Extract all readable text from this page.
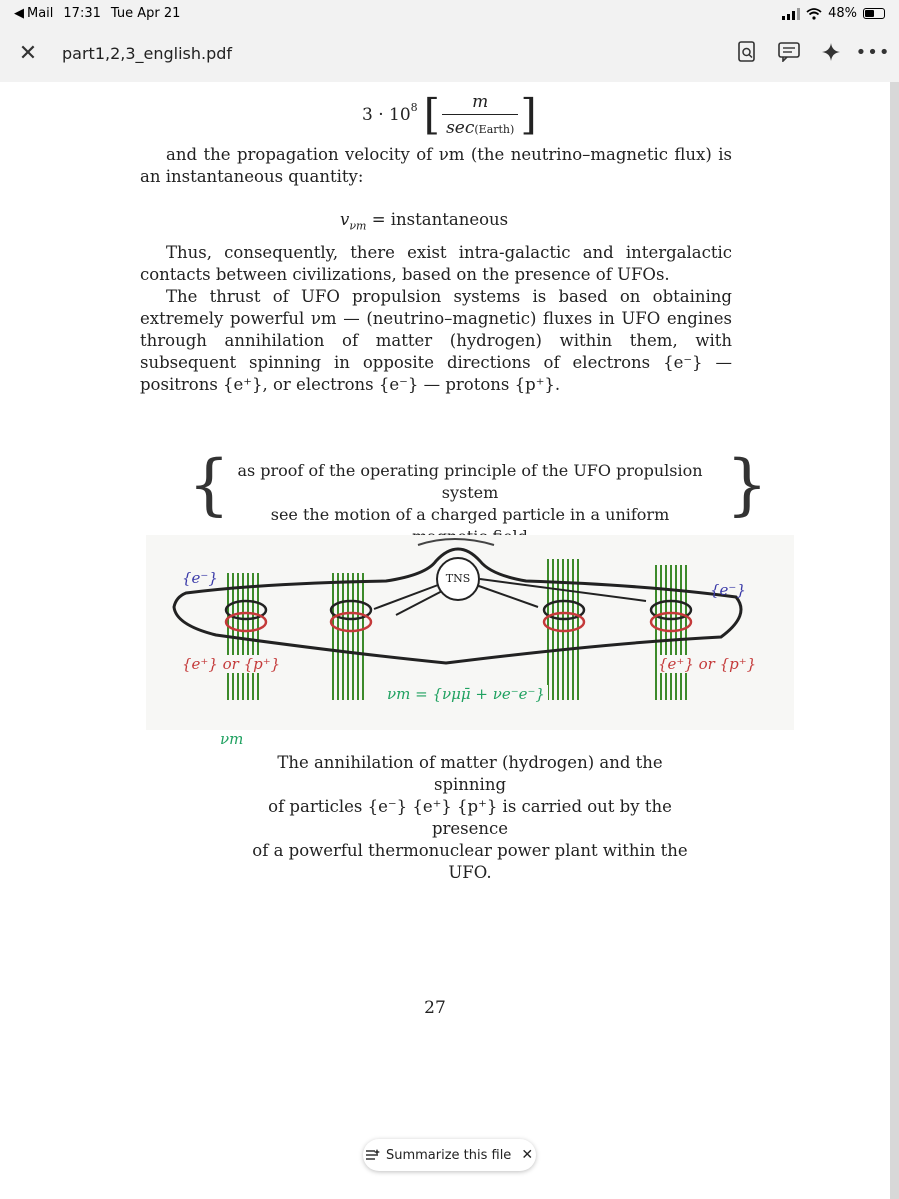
◀ Mail 17:31 Tue Apr 21	48%
✕ part1,2,3_english.pdf	•••
$3 \cdot 10^8$ [ m
sec(Earth) ]
and the propagation velocity of νm (the neutrino–magnetic flux) is an instantaneous quantity:
$v_{\nu m}$ = instantaneous
Thus, consequently, there exist intra-galactic and intergalactic contacts between civilizations, based on the presence of UFOs.
The thrust of UFO propulsion systems is based on obtaining extremely powerful νm — (neutrino–magnetic) fluxes in UFO engines through annihilation of matter (hydrogen) within them, with subsequent spinning in opposite directions of electrons {e⁻} — positrons {e⁺}, or electrons {e⁻} — protons {p⁺}.
{	}
as proof of the operating principle of the UFO propulsion system
see the motion of a charged particle in a uniform
TNS
{e⁻}
{e⁻}
{e⁺} or {p⁺}	{e⁺} or {p⁺}
νm = {νμμ̄ + νe⁻e⁻}
νm
The annihilation of matter (hydrogen) and the spinning
of particles {e⁻} {e⁺} {p⁺} is carried out by the presence
of a powerful thermonuclear power plant within the UFO.
27
Summarize this file ✕
